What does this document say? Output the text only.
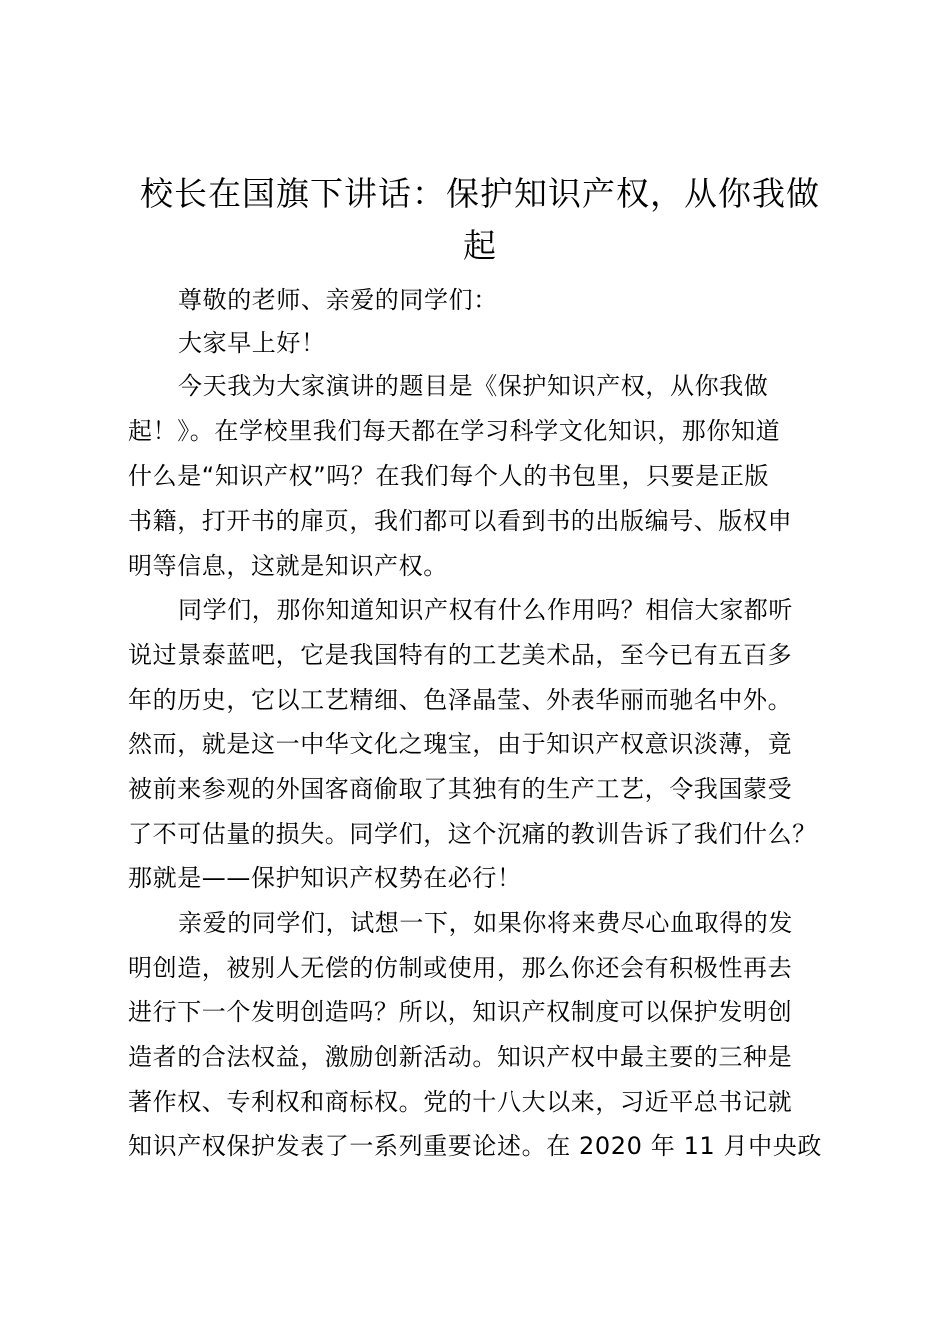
校长在国旗下讲话：保护知识产权，从你我做
起

尊敬的老师、亲爱的同学们：

大家早上好！

今天我为大家演讲的题目是《保护知识产权，从你我做

起！》。在学校里我们每天都在学习科学文化知识，那你知道

什么是“知识产权”吗？在我们每个人的书包里，只要是正版

书籍，打开书的扉页，我们都可以看到书的出版编号、版权申

明等信息，这就是知识产权。

同学们，那你知道知识产权有什么作用吗？相信大家都听

说过景泰蓝吧，它是我国特有的工艺美术品，至今已有五百多

年的历史，它以工艺精细、色泽晶莹、外表华丽而驰名中外。

然而，就是这一中华文化之瑰宝，由于知识产权意识淡薄，竟

被前来参观的外国客商偷取了其独有的生产工艺，令我国蒙受

了不可估量的损失。同学们，这个沉痛的教训告诉了我们什么？

那就是——保护知识产权势在必行！

亲爱的同学们，试想一下，如果你将来费尽心血取得的发

明创造，被别人无偿的仿制或使用，那么你还会有积极性再去

进行下一个发明创造吗？所以，知识产权制度可以保护发明创

造者的合法权益，激励创新活动。知识产权中最主要的三种是

著作权、专利权和商标权。党的十八大以来，习近平总书记就

知识产权保护发表了一系列重要论述。在 2020 年 11 月中央政
